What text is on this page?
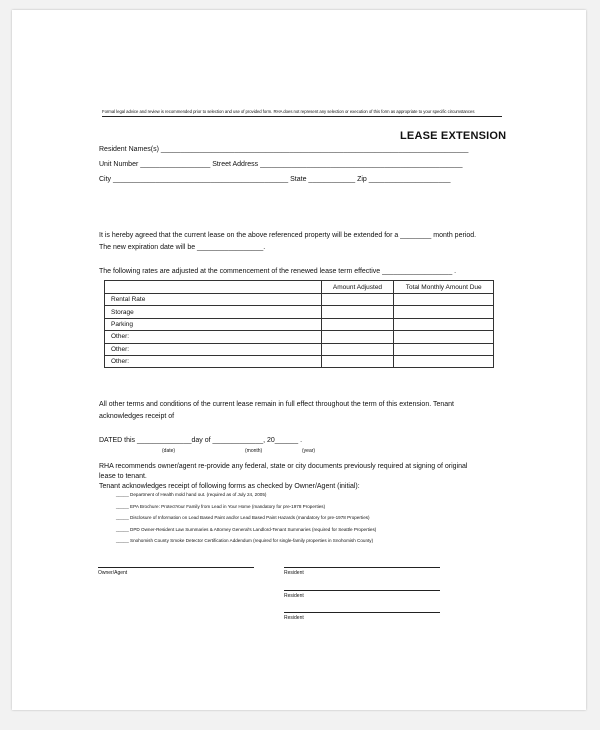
Formal legal advice and review is recommended prior to selection and use of provided form. RHA does not represent any selection or execution of this form as appropriate to your specific circumstances
LEASE EXTENSION
Resident Names(s) _______________________________________________________________________________
Unit Number __________________ Street Address ____________________________________________________
City _____________________________________________ State ____________ Zip _____________________
It is hereby agreed that the current lease on the above referenced property will be extended for a ________ month period.
The new expiration date will be _________________.
The following rates are adjusted at the commencement of the renewed lease term effective __________________ .
	Amount Adjusted	Total Monthly Amount Due
Rental Rate		
Storage		
Parking		
Other:		
Other:		
Other:		
All other terms and conditions of the current lease remain in full effect throughout the term of this extension. Tenant
acknowledges receipt of
DATED this ______________day of _____________, 20______ .
(date)	(month)	(year)
RHA recommends owner/agent re-provide any federal, state or city documents previously required at signing of original
lease to tenant.
Tenant acknowledges receipt of following forms as checked by Owner/Agent (initial):
_____ Department of Health mold hand out. (required as of July 24, 2005)
_____ EPA Brochure: ProtectYour Family from Lead in Your Home (mandatory for pre-1978 Properties)
_____ Disclosure of Information on Lead Based Paint and/or Lead Based Paint Hazards (mandatory for pre-1978 Properties)
_____ DPD Owner-Resident Law Summaries & Attorney General's Landlord-Tenant Summaries (required for Seattle Properties)
_____ Snohomish County Smoke Detector Certification Addendum (required for single-family properties in Snohomish County)
Owner/Agent	Resident
Resident
Resident
